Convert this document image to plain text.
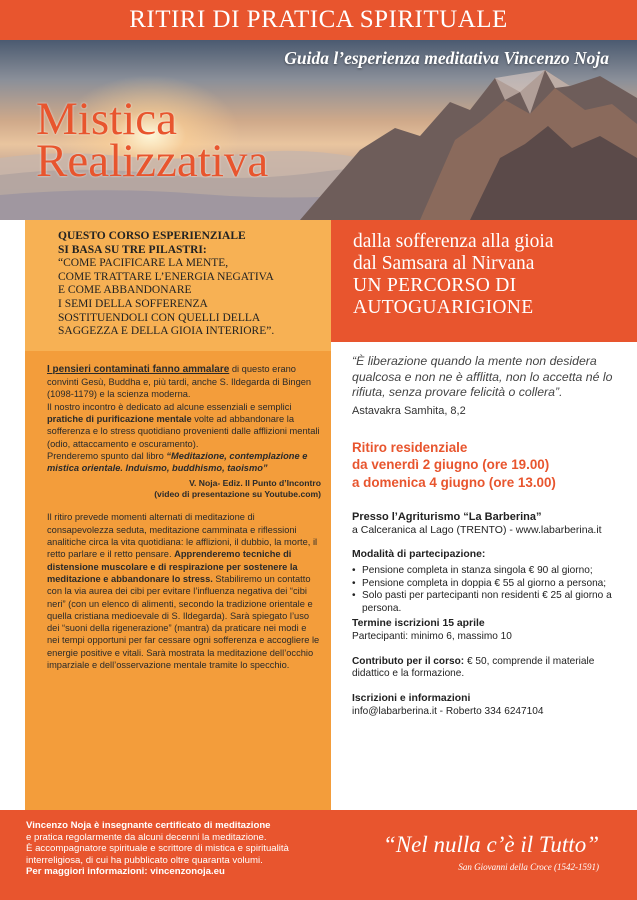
RITIRI DI PRATICA SPIRITUALE
Guida l’esperienza meditativa Vincenzo Noja
Mistica
Realizzativa
QUESTO CORSO ESPERIENZIALE
SI BASA SU TRE PILASTRI:
“COME PACIFICARE LA MENTE,
COME TRATTARE L’ENERGIA NEGATIVA
E COME ABBANDONARE
I SEMI DELLA SOFFERENZA
SOSTITUENDOLI CON QUELLI DELLA
SAGGEZZA E DELLA GIOIA INTERIORE”.

I pensieri contaminati fanno ammalare di questo erano convinti Gesù, Buddha e, più tardi, anche S. Ildegarda di Bingen (1098-1179) e la scienza moderna.

Il nostro incontro è dedicato ad alcune essenziali e semplici pratiche di purificazione mentale volte ad abbandonare la sofferenza e lo stress quotidiano provenienti dalle afflizioni mentali (odio, attaccamento e oscuramento).
Prenderemo spunto dal libro “Meditazione, contemplazione e mistica orientale. Induismo, buddhismo, taoismo”

V. Noja- Ediz. Il Punto d’Incontro
(video di presentazione su Youtube.com)

Il ritiro prevede momenti alternati di meditazione di consapevolezza seduta, meditazione camminata e riflessioni analitiche circa la vita quotidiana: le afflizioni, il dubbio, la morte, il retto parlare e il retto pensare. Apprenderemo tecniche di distensione muscolare e di respirazione per sostenere la meditazione e abbandonare lo stress. Stabiliremo un contatto con la via aurea dei cibi per evitare l’influenza negativa dei “cibi neri” (con un elenco di alimenti, secondo la tradizione orientale e quella cristiana medioevale di S. Ildegarda). Sarà spiegato l’uso dei “suoni della rigenerazione” (mantra) da praticare nei modi e nei tempi opportuni per far cessare ogni sofferenza e accogliere le energie positive e vitali. Sarà mostrata la meditazione dell’occhio imparziale e dell’osservazione mentale tramite lo specchio.

dalla sofferenza alla gioia
dal Samsara al Nirvana
UN PERCORSO DI
AUTOGUARIGIONE
“È liberazione quando la mente non desidera qualcosa e non ne è afflitta, non lo accetta né lo rifiuta, senza provare felicità o collera”.
Astavakra Samhita, 8,2
Ritiro residenziale
da venerdì 2 giugno (ore 19.00)
a domenica 4 giugno (ore 13.00)
Presso l’Agriturismo “La Barberina”
a Calceranica al Lago (TRENTO) - www.labarberina.it
Modalità di partecipazione:
• Pensione completa in stanza singola € 90 al giorno;
• Pensione completa in doppia € 55 al giorno a persona;
• Solo pasti per partecipanti non residenti € 25 al giorno a persona.
Termine iscrizioni 15 aprile
Partecipanti: minimo 6, massimo 10
Contributo per il corso: € 50, comprende il materiale didattico e la formazione.
Iscrizioni e informazioni
info@labarberina.it - Roberto 334 6247104
Vincenzo Noja è insegnante certificato di meditazione
e pratica regolarmente da alcuni decenni la meditazione.
È accompagnatore spirituale e scrittore di mistica e spiritualità interreligiosa, di cui ha pubblicato oltre quaranta volumi.
Per maggiori informazioni: vincenzonoja.eu
“Nel nulla c’è il Tutto”
San Giovanni della Croce (1542-1591)
